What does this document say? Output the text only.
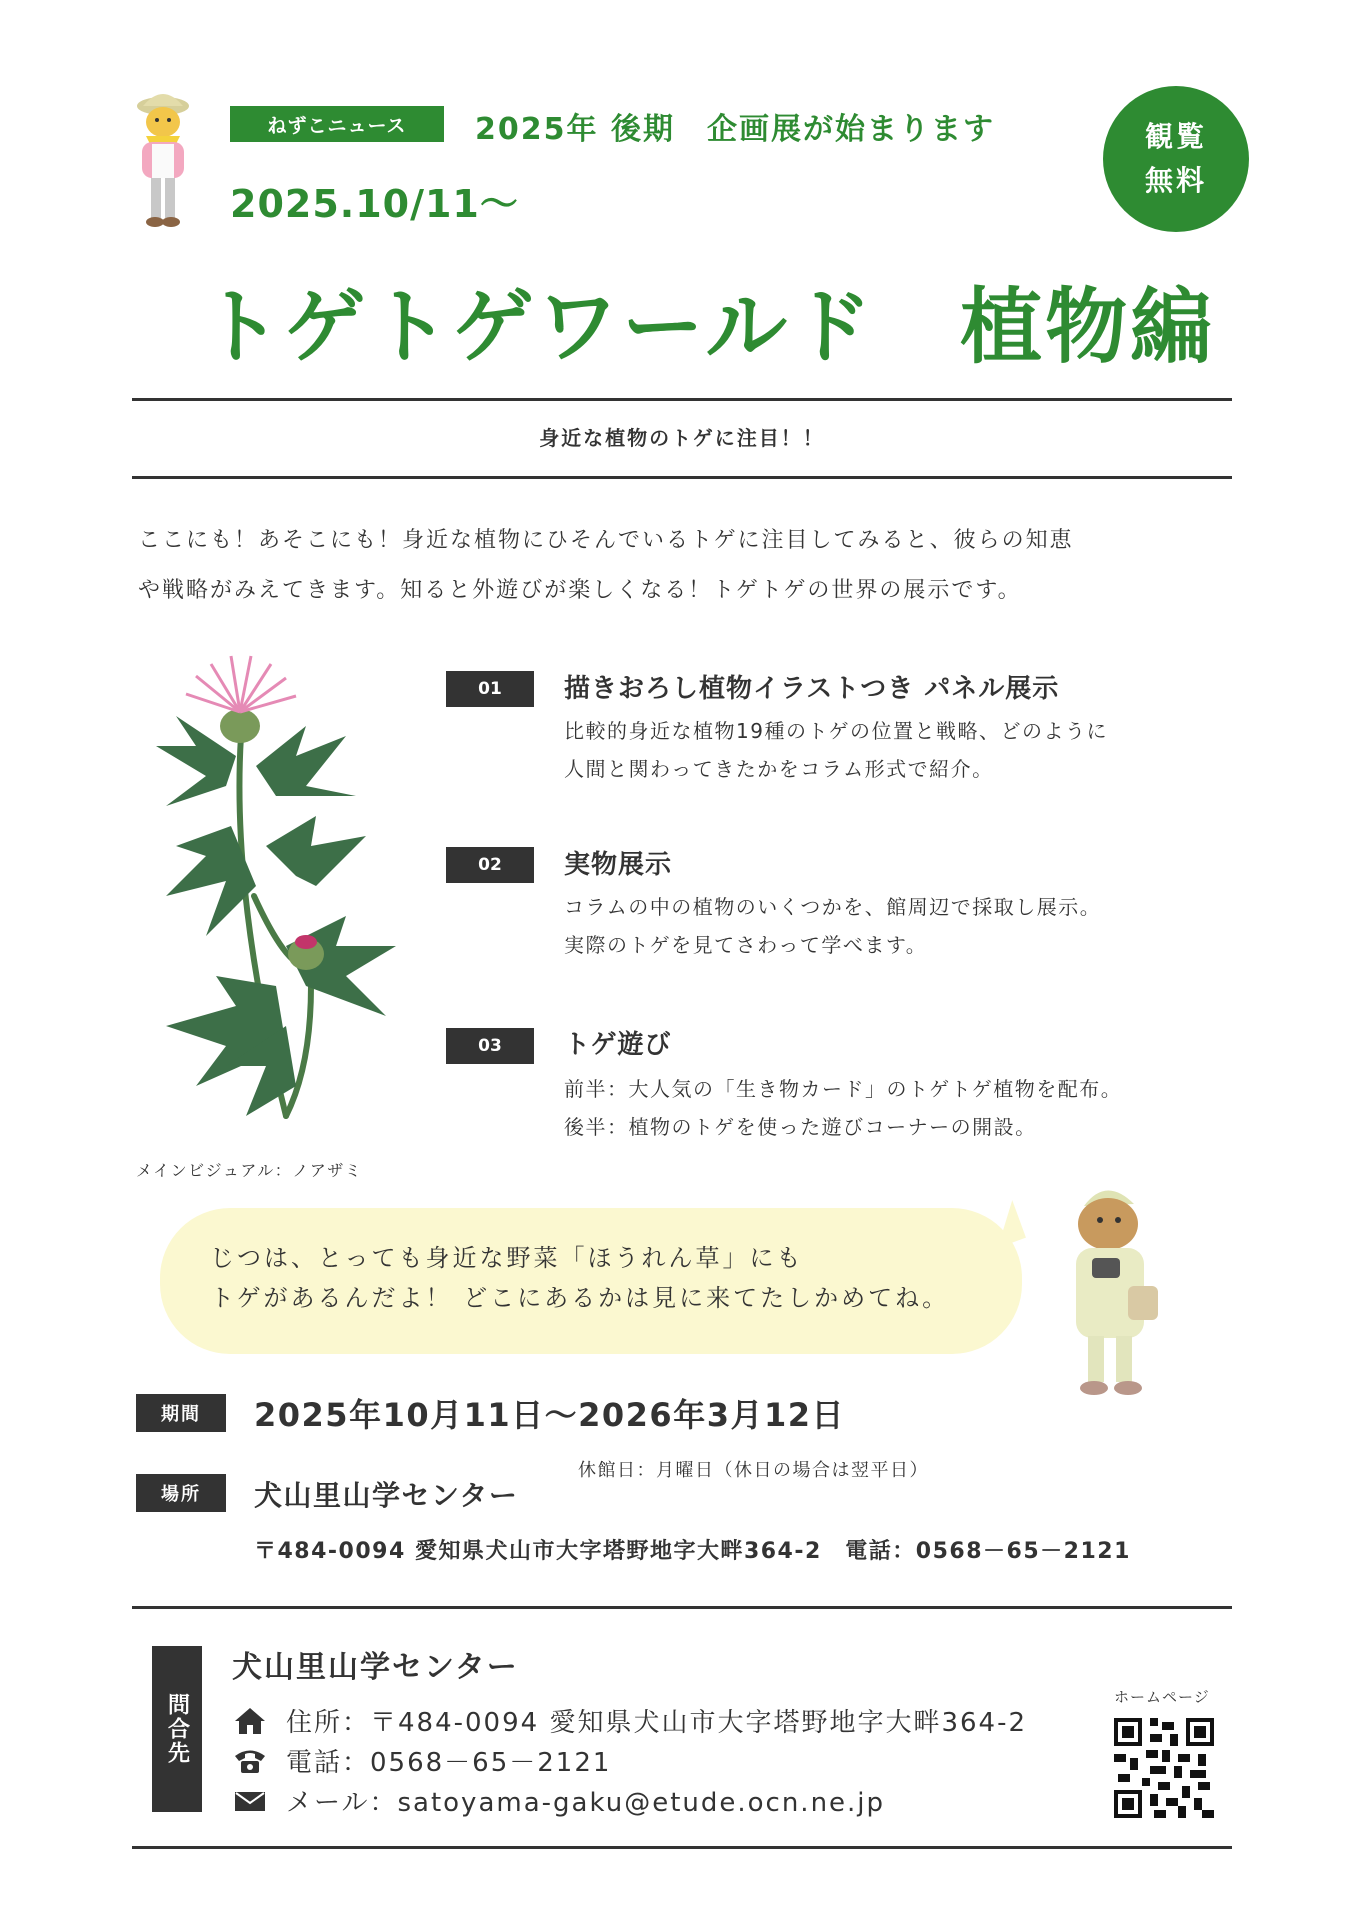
ねずこニュース	2025年 後期　企画展が始まります
2025.10/11～
観覧
無料
トゲトゲワールド　植物編
身近な植物のトゲに注目！！
ここにも！あそこにも！身近な植物にひそんでいるトゲに注目してみると、彼らの知恵
や戦略がみえてきます。知ると外遊びが楽しくなる！トゲトゲの世界の展示です。
01	描きおろし植物イラストつき パネル展示
比較的身近な植物19種のトゲの位置と戦略、どのように
人間と関わってきたかをコラム形式で紹介。
02	実物展示
コラムの中の植物のいくつかを、館周辺で採取し展示。
実際のトゲを見てさわって学べます。
03	トゲ遊び
前半：大人気の「生き物カード」のトゲトゲ植物を配布。
後半：植物のトゲを使った遊びコーナーの開設。
メインビジュアル：ノアザミ
じつは、とっても身近な野菜「ほうれん草」にも
トゲがあるんだよ！ どこにあるかは見に来てたしかめてね。
期間	2025年10月11日～2026年3月12日
休館日：月曜日（休日の場合は翌平日）
場所	犬山里山学センター
〒484-0094 愛知県犬山市大字塔野地字大畔364-2　電話：0568－65－2121
問合先
犬山里山学センター
住所：〒484-0094 愛知県犬山市大字塔野地字大畔364-2
電話：0568－65－2121
メール：satoyama-gaku@etude.ocn.ne.jp
ホームページ
